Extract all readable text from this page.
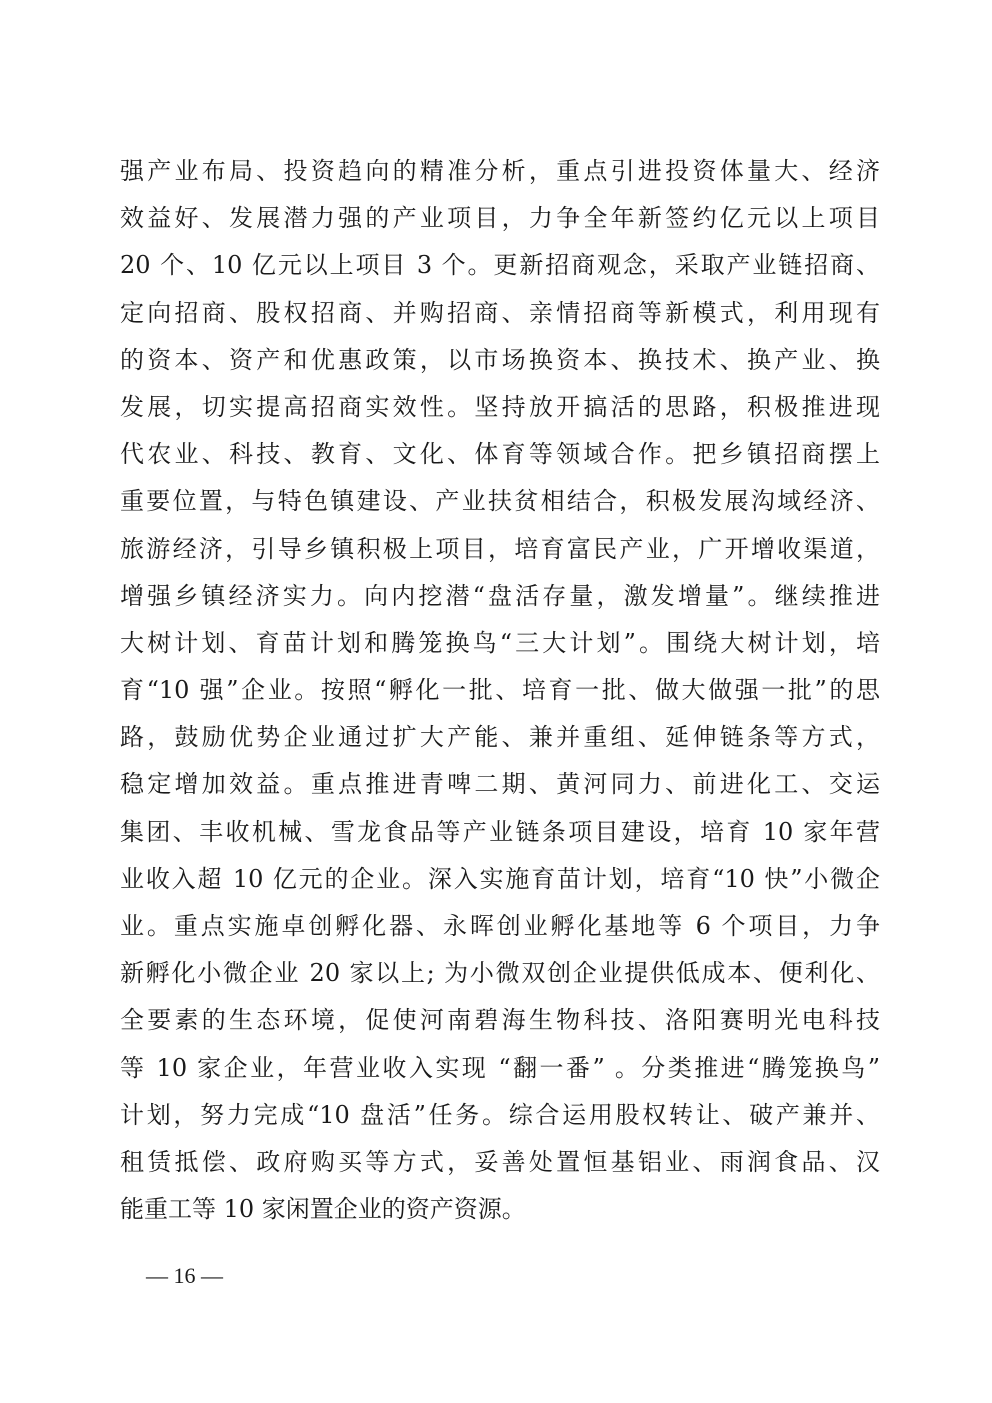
强产业布局、投资趋向的精准分析，重点引进投资体量大、经济
效益好、发展潜力强的产业项目，力争全年新签约亿元以上项目
20 个、10 亿元以上项目 3 个。更新招商观念，采取产业链招商、
定向招商、股权招商、并购招商、亲情招商等新模式，利用现有
的资本、资产和优惠政策，以市场换资本、换技术、换产业、换
发展，切实提高招商实效性。坚持放开搞活的思路，积极推进现
代农业、科技、教育、文化、体育等领域合作。把乡镇招商摆上
重要位置，与特色镇建设、产业扶贫相结合，积极发展沟域经济、
旅游经济，引导乡镇积极上项目，培育富民产业，广开增收渠道，
增强乡镇经济实力。向内挖潜“盘活存量，激发增量”。继续推进
大树计划、育苗计划和腾笼换鸟“三大计划”。围绕大树计划，培
育“10 强”企业。按照“孵化一批、培育一批、做大做强一批”的思
路，鼓励优势企业通过扩大产能、兼并重组、延伸链条等方式，
稳定增加效益。重点推进青啤二期、黄河同力、前进化工、交运
集团、丰收机械、雪龙食品等产业链条项目建设，培育 10 家年营
业收入超 10 亿元的企业。深入实施育苗计划，培育“10 快”小微企
业。重点实施卓创孵化器、永晖创业孵化基地等 6 个项目，力争
新孵化小微企业 20 家以上; 为小微双创企业提供低成本、便利化、
全要素的生态环境，促使河南碧海生物科技、洛阳赛明光电科技
等 10 家企业，年营业收入实现 “翻一番” 。分类推进“腾笼换鸟”
计划，努力完成“10 盘活”任务。综合运用股权转让、破产兼并、
租赁抵偿、政府购买等方式，妥善处置恒基铝业、雨润食品、汉
能重工等 10 家闲置企业的资产资源。
— 16 —
